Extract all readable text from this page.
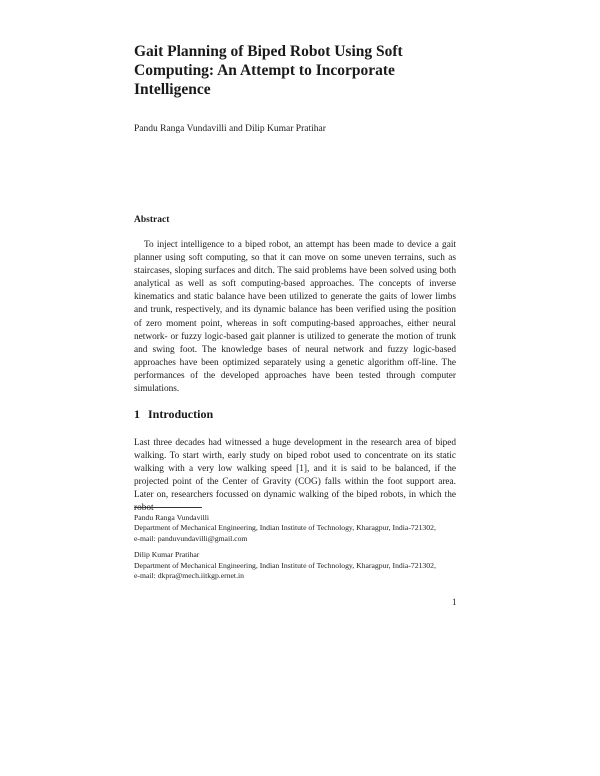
Gait Planning of Biped Robot Using Soft Computing: An Attempt to Incorporate Intelligence

Pandu Ranga Vundavilli and Dilip Kumar Pratihar

Abstract

To inject intelligence to a biped robot, an attempt has been made to device a gait planner using soft computing, so that it can move on some uneven terrains, such as staircases, sloping surfaces and ditch. The said problems have been solved using both analytical as well as soft computing-based approaches. The concepts of inverse kinematics and static balance have been utilized to generate the gaits of lower limbs and trunk, respectively, and its dynamic balance has been verified using the position of zero moment point, whereas in soft computing-based approaches, either neural network- or fuzzy logic-based gait planner is utilized to generate the motion of trunk and swing foot. The knowledge bases of neural network and fuzzy logic-based approaches have been optimized separately using a genetic algorithm off-line. The performances of the developed approaches have been tested through computer simulations.

1 Introduction

Last three decades had witnessed a huge development in the research area of biped walking. To start wirth, early study on biped robot used to concentrate on its static walking with a very low walking speed [1], and it is said to be balanced, if the projected point of the Center of Gravity (COG) falls within the foot support area. Later on, researchers focussed on dynamic walking of the biped robots, in which the robot

Pandu Ranga Vundavilli
Department of Mechanical Engineering, Indian Institute of Technology, Kharagpur, India-721302,
e-mail: panduvundavilli@gmail.com
Dilip Kumar Pratihar
Department of Mechanical Engineering, Indian Institute of Technology, Kharagpur, India-721302,
e-mail: dkpra@mech.iitkgp.ernet.in

1
